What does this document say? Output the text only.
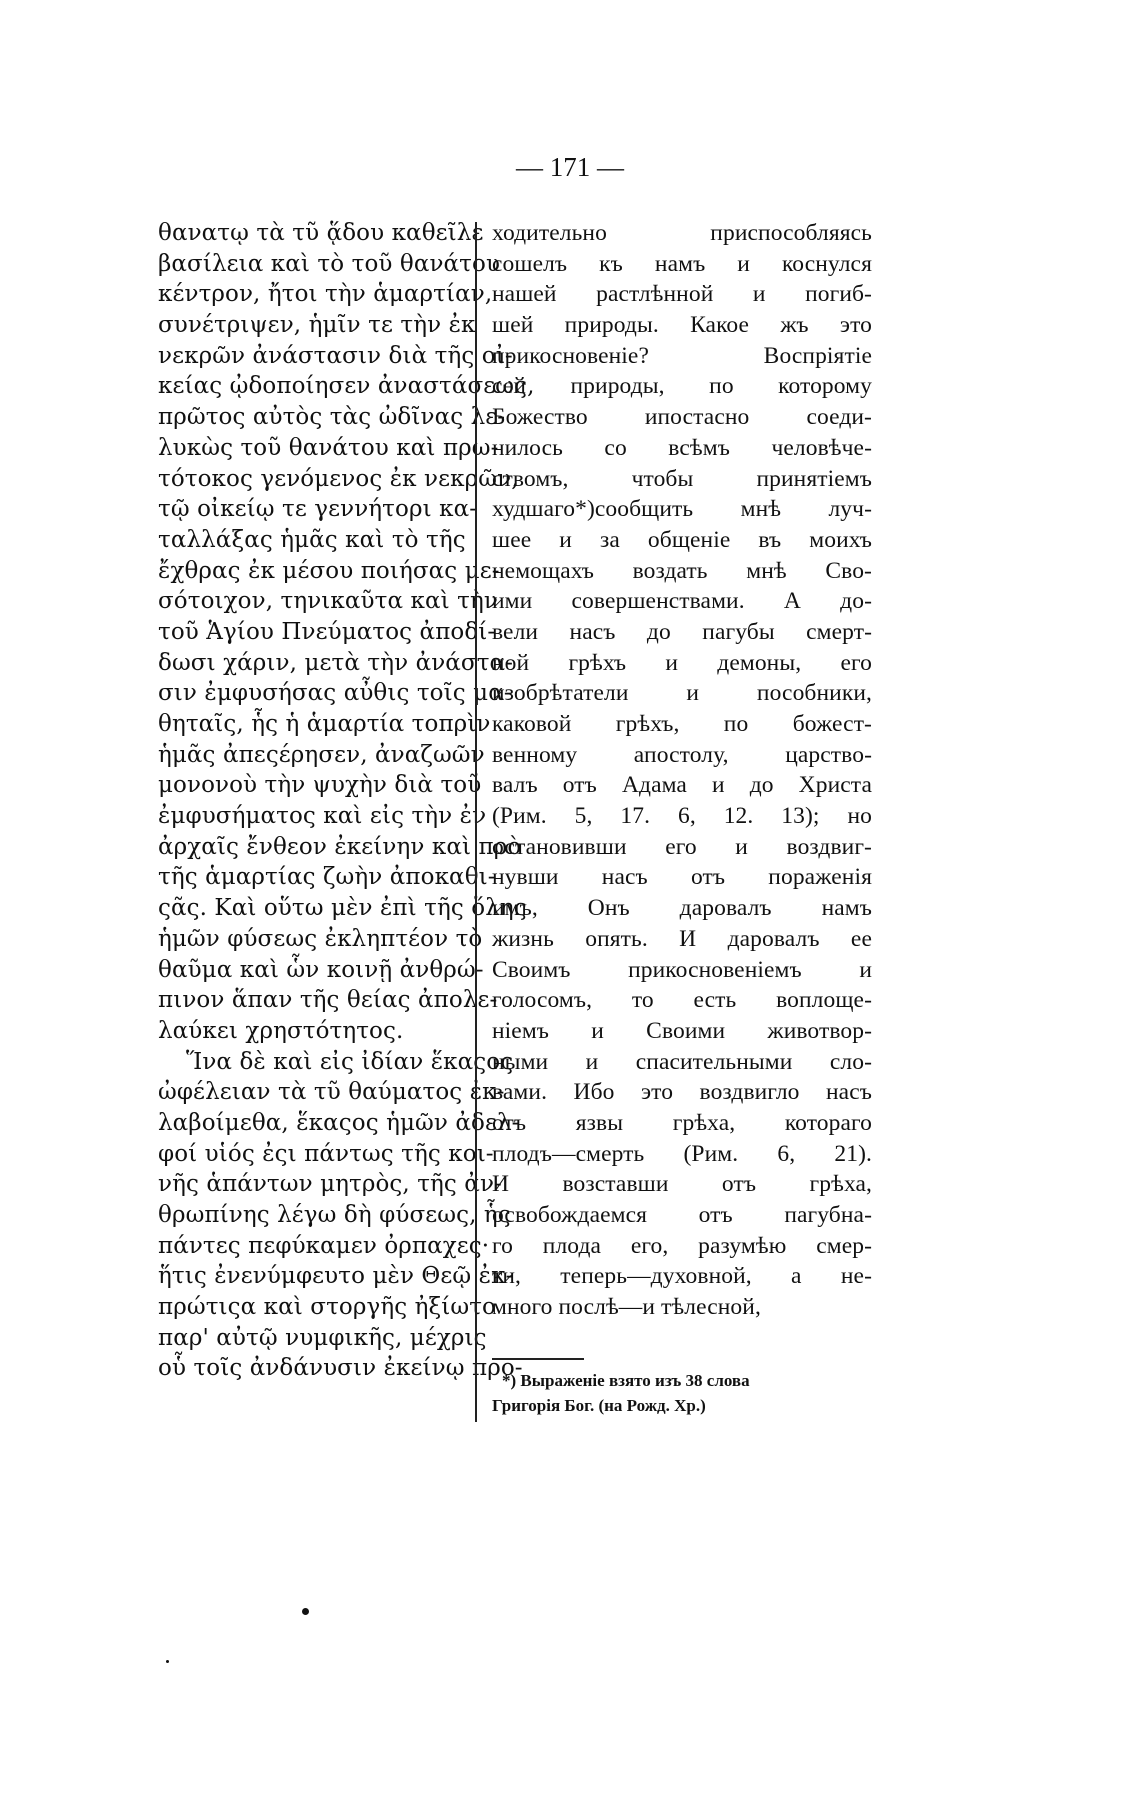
— 171 —
θανατῳ τὰ τῦ ᾅδου καθεῖλε
βασίλεια καὶ τὸ τοῦ θανάτου
κέντρον, ἤτοι τὴν ἁμαρτίαν,
συνέτριψεν, ἡμῖν τε τὴν ἐκ
νεκρῶν ἀνάστασιν διὰ τῆς οἰ-
κείας ᾠδοποίησεν ἀναστάσεως,
πρῶτος αὐτὸς τὰς ὠδῖνας λε-
λυκὼς τοῦ θανάτου καὶ πρω-
τότοκος γενόμενος ἐκ νεκρῶν,
τῷ οἰκείῳ τε γεννήτορι κα-
ταλλάξας ἡμᾶς καὶ τὸ τῆς
ἔχθρας ἐκ μέσου ποιήσας με-
σότοιχον, τηνικαῦτα καὶ τὴν
τοῦ Ἁγίου Πνεύματος ἀποδί-
δωσι χάριν, μετὰ τὴν ἀνάστα-
σιν ἐμφυσήσας αὖθις τοῖς μα-
θηταῖς, ἧς ἡ ἁμαρτία τοπρὶν
ἡμᾶς ἀπεςέρησεν, ἀναζωῶν
μονονοὺ τὴν ψυχὴν διὰ τοῦ
ἐμφυσήματος καὶ εἰς τὴν ἐν
ἀρχαῖς ἔνθεον ἐκείνην καὶ πρὸ
τῆς ἁμαρτίας ζωὴν ἀποκαθι-
ςᾶς. Καὶ οὕτω μὲν ἐπὶ τῆς ὅλης
ἡμῶν φύσεως ἐκληπτέον τὸ
θαῦμα καὶ ὧν κοινῇ ἀνθρώ-
πινον ἅπαν τῆς θείας ἀπολε-
λαύκει χρηστότητος.
Ἵνα δὲ καὶ εἰς ἰδίαν ἕκαςος
ὠφέλειαν τὰ τῦ θαύματος ἐκ-
λαβοίμεθα, ἕκαςος ἡμῶν ἀδελ-
φοί υἱός ἐςι πάντως τῆς κοι-
νῆς ἁπάντων μητρὸς, τῆς ἀν-
θρωπίνης λέγω δὴ φύσεως, ἧς
πάντες πεφύκαμεν ὀρπαχες·
ἥτις ἐνενύμφευτο μὲν Θεῷ ἐκ-
πρώτιςα καὶ στοργῆς ἠξίωτο
παρ' αὐτῷ νυμφικῆς, μέχρις
οὗ τοῖς ἀνδάνυσιν ἐκείνῳ προ-
ходительно приспособляясь
сошелъ къ намъ и коснулся
нашей растлѣнной и погиб-
шей природы. Какое жъ это
прикосновеніе? Воспріятіе
сей природы, по которому
Божество ипостасно соеди-
нилось со всѣмъ человѣче-
ствомъ, чтобы принятіемъ
худшаго*)сообщить мнѣ луч-
шее и за общеніе въ моихъ
немощахъ воздать мнѣ Сво-
ими совершенствами. А до-
вели насъ до пагубы смерт-
ной грѣхъ и демоны, его
изобрѣтатели и пособники,
каковой грѣхъ, по божест-
венному апостолу, царство-
валъ отъ Адама и до Христа
(Рим. 5, 17. 6, 12. 13); но
остановивши его и воздвиг-
нувши насъ отъ пораженія
имъ, Онъ даровалъ намъ
жизнь опять. И даровалъ ее
Своимъ прикосновеніемъ и
голосомъ, то есть воплоще-
ніемъ и Своими животвор-
ными и спасительными сло-
вами. Ибо это воздвигло насъ
отъ язвы грѣха, котораго
плодъ—смерть (Рим. 6, 21).
И возставши отъ грѣха,
освобождаемся отъ пагубна-
го плода его, разумѣю смер-
ти, теперь—духовной, а не-
много послѣ—и тѣлесной,
*) Выраженіе взято изъ 38 слова
Григорія Бог. (на Рожд. Хр.)
